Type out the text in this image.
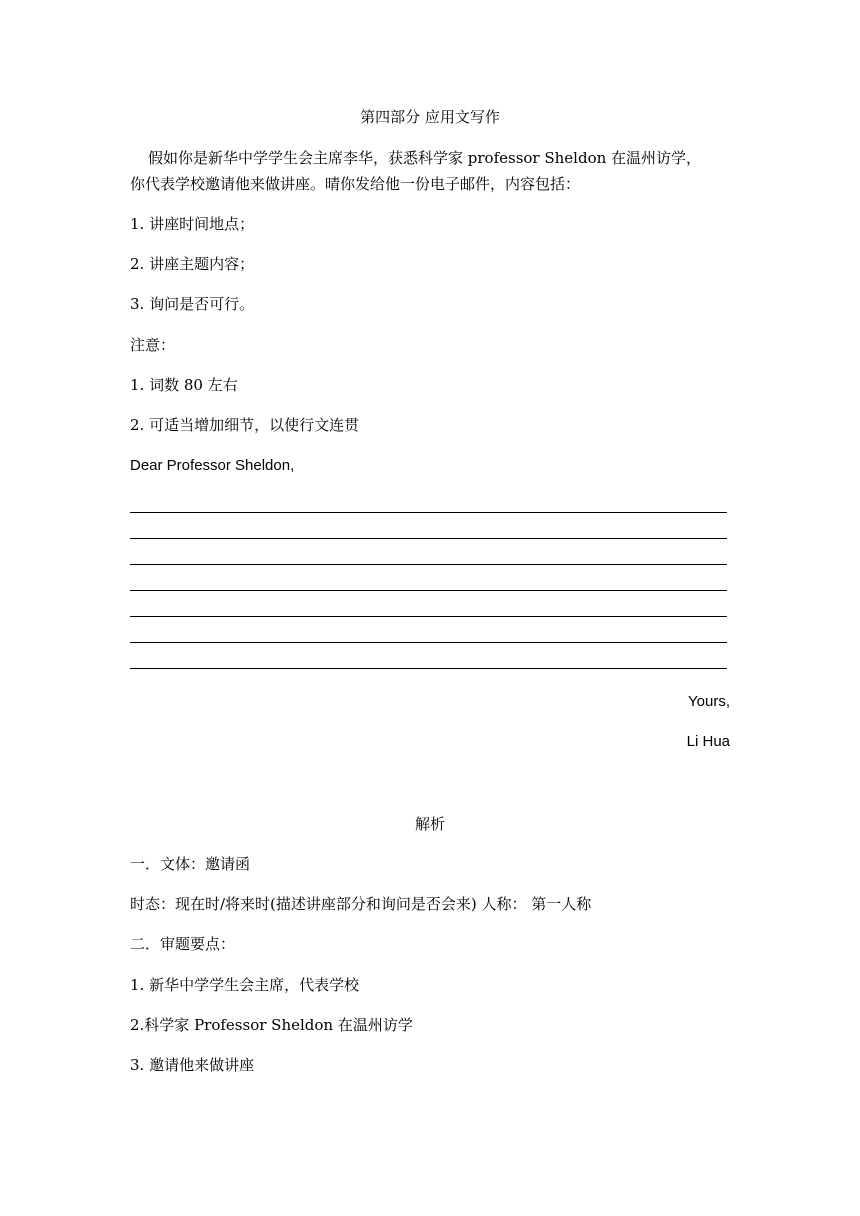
第四部分 应用文写作
假如你是新华中学学生会主席李华，获悉科学家 professor Sheldon 在温州访学，
你代表学校邀请他来做讲座。晴你发给他一份电子邮件，内容包括：
1. 讲座时间地点；
2. 讲座主题内容；
3. 询问是否可行。
注意：
1. 词数 80 左右
2. 可适当增加细节，以使行文连贯
Dear Professor Sheldon,
Yours,
Li Hua
解析
一．文体：邀请函
时态：现在时/将来时(描述讲座部分和询问是否会来) 人称： 第一人称
二．审题要点：
1. 新华中学学生会主席，代表学校
2.科学家 Professor Sheldon 在温州访学
3. 邀请他来做讲座
